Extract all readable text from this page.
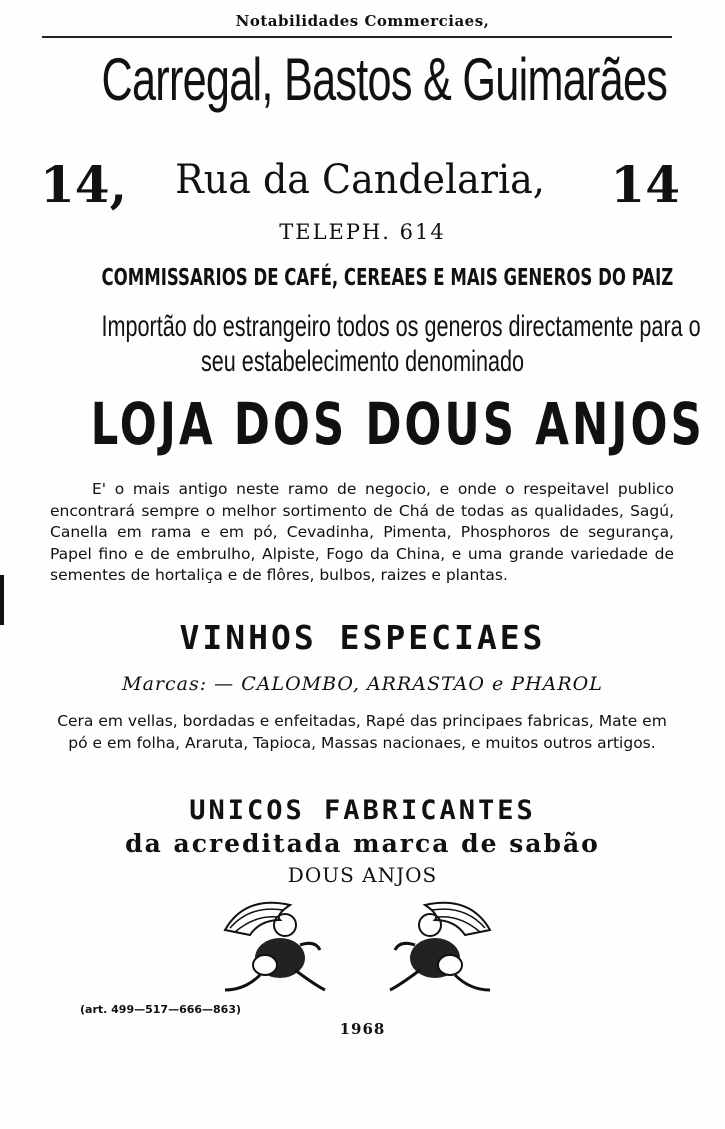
Notabilidades Commerciaes,
Carregal, Bastos & Guimarães
14,	Rua da Candelaria,	14
TELEPH. 614
COMMISSARIOS DE CAFÉ, CEREAES E MAIS GENEROS DO PAIZ
Importão do estrangeiro todos os generos directamente para o
seu estabelecimento denominado
LOJA DOS DOUS ANJOS
E' o mais antigo neste ramo de negocio, e onde o respeitavel publico encontrará sempre o melhor sortimento de Chá de todas as qualidades, Sagú, Canella em rama e em pó, Cevadinha, Pimenta, Phosphoros de segurança, Papel fino e de embrulho, Alpiste, Fogo da China, e uma grande variedade de sementes de hortaliça e de flôres, bulbos, raizes e plantas.
VINHOS ESPECIAES
Marcas: — CALOMBO, ARRASTAO e PHAROL
Cera em vellas, bordadas e enfeitadas, Rapé das principaes fabricas, Mate em pó e em folha, Araruta, Tapioca, Massas nacionaes, e muitos outros artigos.
UNICOS FABRICANTES
da acreditada marca de sabão
DOUS ANJOS
(art. 499—517—666—863)
1968
